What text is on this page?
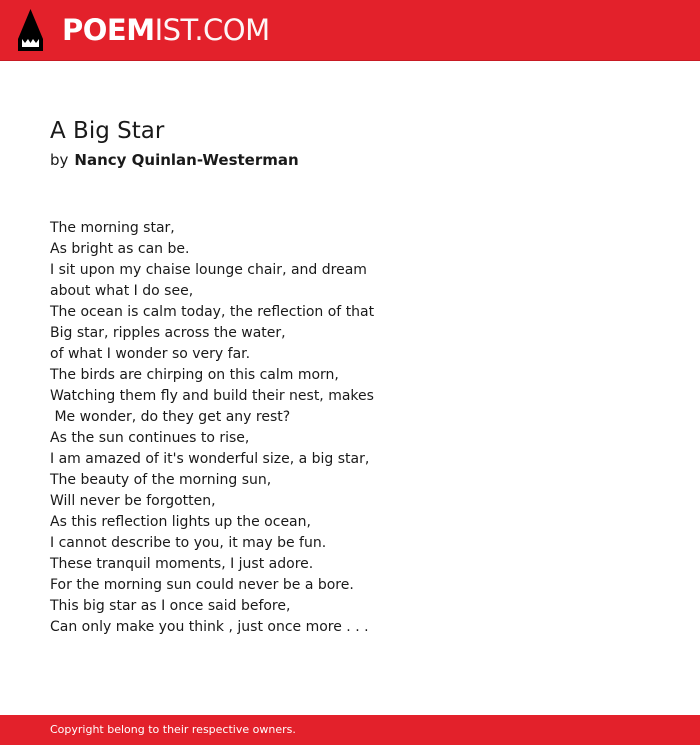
POEMIST.COM
A Big Star
by Nancy Quinlan-Westerman
The morning star,
As bright as can be.
I sit upon my chaise lounge chair, and dream
about what I do see,
The ocean is calm today, the reflection of that
Big star, ripples across the water,
of what I wonder so very far.
The birds are chirping on this calm morn,
Watching them fly and build their nest, makes
Me wonder, do they get any rest?
As the sun continues to rise,
I am amazed of it's wonderful size, a big star,
The beauty of the morning sun,
Will never be forgotten,
As this reflection lights up the ocean,
I cannot describe to you, it may be fun.
These tranquil moments, I just adore.
For the morning sun could never be a bore.
This big star as I once said before,
Can only make you think , just once more . . .
Copyright belong to their respective owners.
